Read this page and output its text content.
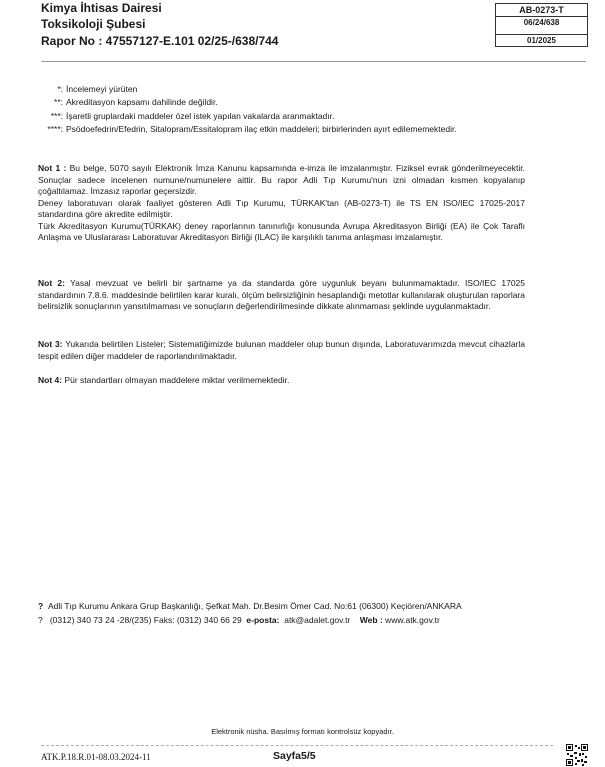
Kimya İhtisas Dairesi
Toksikoloji Şubesi
Rapor No : 47557127-E.101 02/25-/638/744
AB-0273-T
06/24/638
01/2025
*: İncelemeyi yürüten
**: Akreditasyon kapsamı dahilinde değildir.
***: İşaretli gruplardaki maddeler özel istek yapılan vakalarda aranmaktadır.
****: Psödoefedrin/Efedrin, Sitalopram/Essitalopram ilaç etkin maddeleri; birbirlerinden ayırt edilememektedir.

Not 1 : Bu belge, 5070 sayılı Elektronik İmza Kanunu kapsamında e-imza ile imzalanmıştır. Fiziksel evrak gönderilmeyecektir. Sonuçlar sadece incelenen numune/numunelere aittir. Bu rapor Adli Tıp Kurumu'nun izni olmadan kısmen kopyalanıp çoğaltılamaz. İmzasız raporlar geçersizdir.

Deney laboratuvarı olarak faaliyet gösteren Adli Tıp Kurumu, TÜRKAK'tan (AB-0273-T) ile TS EN ISO/IEC 17025-2017 standardına göre akredite edilmiştir.

Türk Akreditasyon Kurumu(TÜRKAK) deney raporlarının tanınırlığı konusunda Avrupa Akreditasyon Birliği (EA) ile Çok Taraflı Anlaşma ve Uluslararası Laboratuvar Akreditasyon Birliği (ILAC) ile karşılıklı tanıma anlaşması imzalamıştır.

Not 2: Yasal mevzuat ve belirli bir şartname ya da standarda göre uygunluk beyanı bulunmamaktadır. ISO/IEC 17025 standardının 7.8.6. maddesinde belirtilen karar kuralı, ölçüm belirsizliğinin hesaplandığı metotlar kullanılarak oluşturulan raporlara belirsizlik sonuçlarının yansıtılmaması ve sonuçların değerlendirilmesinde dikkate alınmaması şeklinde uygulanmaktadır.

Not 3: Yukarıda belirtilen Listeler; Sistematiğimizde bulunan maddeler olup bunun dışında, Laboratuvarımızda mevcut cihazlarla tespit edilen diğer maddeler de raporlandırılmaktadır.

Not 4: Pür standartları olmayan maddelere miktar verilmemektedir.

? Adli Tıp Kurumu Ankara Grup Başkanlığı, Şefkat Mah. Dr.Besim Ömer Cad. No:61 (06300) Keçiören/ANKARA
? (0312) 340 73 24 -28/(235) Faks: (0312) 340 66 29 e-posta: atk@adalet.gov.tr Web : www.atk.gov.tr
Elektronik nüsha. Basılmış formatı kontrolsüz kopyadır.
ATK.P.18.R.01-08.03.2024-11	Sayfa5/5
